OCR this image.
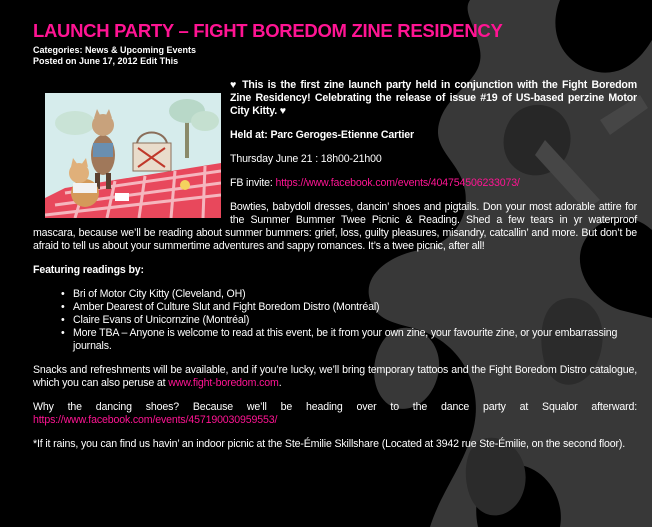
LAUNCH PARTY – FIGHT BOREDOM ZINE RESIDENCY
Categories: News & Upcoming Events
Posted on June 17, 2012 Edit This

♥ This is the first zine launch party held in conjunction with the Fight Boredom Zine Residency! Celebrating the release of issue #19 of US-based perzine Motor City Kitty. ♥

Held at: Parc Geroges-Etienne Cartier

Thursday June 21 : 18h00-21h00

FB invite: https://www.facebook.com/events/404754506233073/

Bowties, babydoll dresses, dancin’ shoes and pigtails. Don your most adorable attire for the Summer Bummer Twee Picnic & Reading. Shed a few tears in yr waterproof mascara, because we’ll be reading about summer bummers: grief, loss, guilty pleasures, misandry, catcallin’ and more. But don’t be afraid to tell us about your summertime adventures and sappy romances. It’s a twee picnic, after all!

Featuring readings by:

• Bri of Motor City Kitty (Cleveland, OH)
• Amber Dearest of Culture Slut and Fight Boredom Distro (Montréal)
• Claire Evans of Unicornzine (Montréal)
• More TBA – Anyone is welcome to read at this event, be it from your own zine, your favourite zine, or your embarrassing journals.

Snacks and refreshments will be available, and if you’re lucky, we’ll bring temporary tattoos and the Fight Boredom Distro catalogue, which you can also peruse at www.fight-boredom.com.

Why the dancing shoes? Because we’ll be heading over to the dance party at Squalor afterward: https://www.facebook.com/events/457190030959553/

*If it rains, you can find us havin’ an indoor picnic at the Ste-Émilie Skillshare (Located at 3942 rue Ste-Émilie, on the second floor).
